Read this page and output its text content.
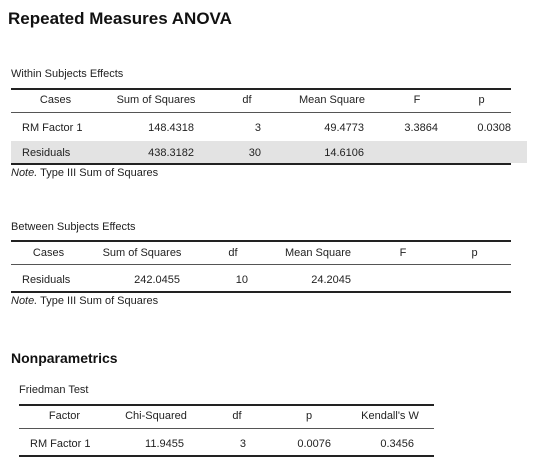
Repeated Measures ANOVA
Within Subjects Effects
Cases	Sum of Squares	df	Mean Square	F	p
RM Factor 1	148.4318	3	49.4773	3.3864	0.0308
Residuals	438.3182	30	14.6106
Note. Type III Sum of Squares
Between Subjects Effects
Cases	Sum of Squares	df	Mean Square	F	p
Residuals	242.0455	10	24.2045
Note. Type III Sum of Squares
Nonparametrics
Friedman Test
Factor	Chi-Squared	df	p	Kendall's W
RM Factor 1	11.9455	3	0.0076	0.3456
